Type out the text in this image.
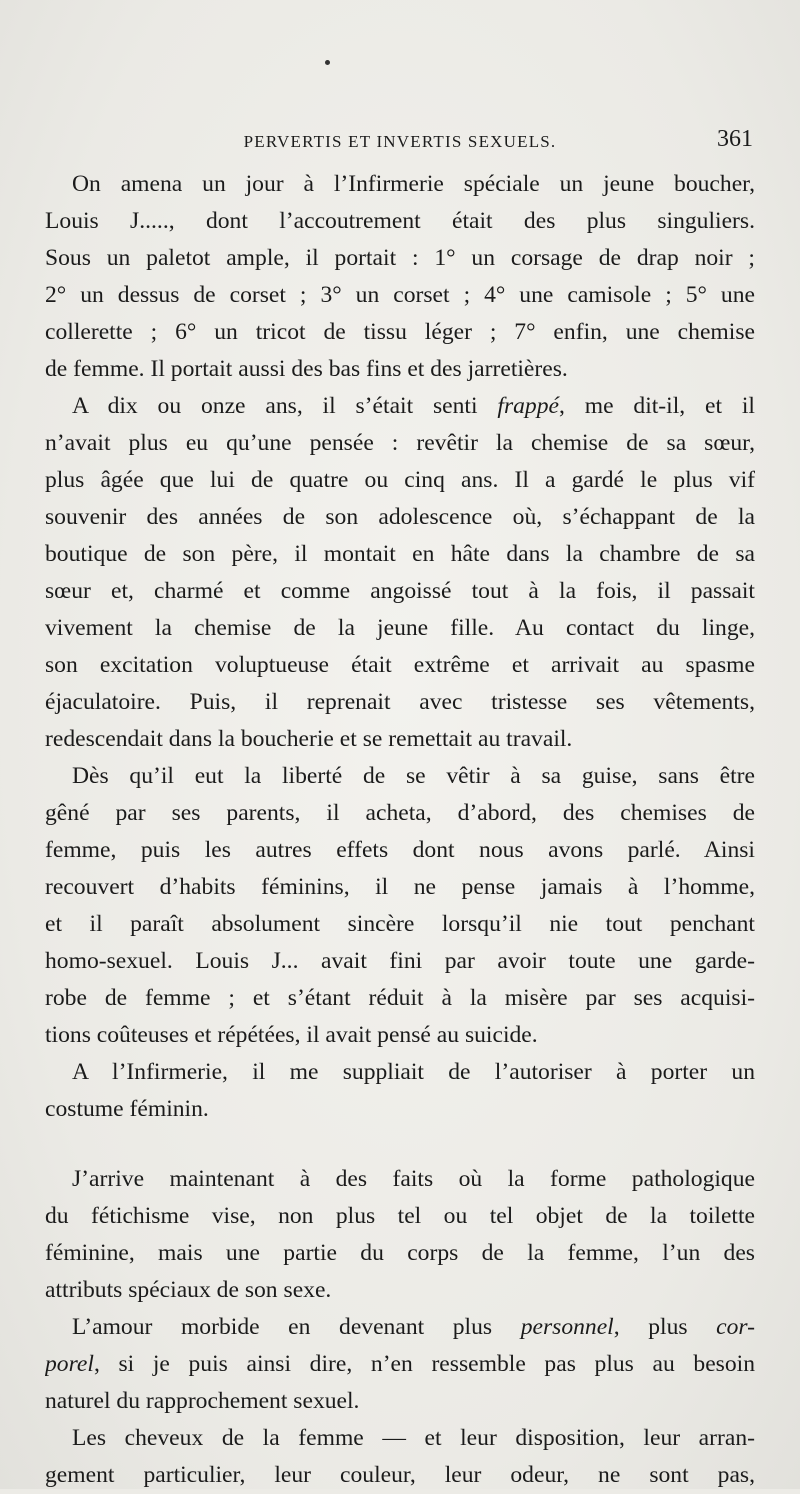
PERVERTIS ET INVERTIS SEXUELS.	361
On amena un jour à l’Infirmerie spéciale un jeune boucher,
Louis J....., dont l’accoutrement était des plus singuliers.
Sous un paletot ample, il portait : 1° un corsage de drap noir ;
2° un dessus de corset ; 3° un corset ; 4° une camisole ; 5° une
collerette ; 6° un tricot de tissu léger ; 7° enfin, une chemise
de femme. Il portait aussi des bas fins et des jarretières.
A dix ou onze ans, il s’était senti frappé, me dit-il, et il
n’avait plus eu qu’une pensée : revêtir la chemise de sa sœur,
plus âgée que lui de quatre ou cinq ans. Il a gardé le plus vif
souvenir des années de son adolescence où, s’échappant de la
boutique de son père, il montait en hâte dans la chambre de sa
sœur et, charmé et comme angoissé tout à la fois, il passait
vivement la chemise de la jeune fille. Au contact du linge,
son excitation voluptueuse était extrême et arrivait au spasme
éjaculatoire. Puis, il reprenait avec tristesse ses vêtements,
redescendait dans la boucherie et se remettait au travail.
Dès qu’il eut la liberté de se vêtir à sa guise, sans être
gêné par ses parents, il acheta, d’abord, des chemises de
femme, puis les autres effets dont nous avons parlé. Ainsi
recouvert d’habits féminins, il ne pense jamais à l’homme,
et il paraît absolument sincère lorsqu’il nie tout penchant
homo-sexuel. Louis J... avait fini par avoir toute une garde-
robe de femme ; et s’étant réduit à la misère par ses acquisi-
tions coûteuses et répétées, il avait pensé au suicide.
A l’Infirmerie, il me suppliait de l’autoriser à porter un
costume féminin.
J’arrive maintenant à des faits où la forme pathologique
du fétichisme vise, non plus tel ou tel objet de la toilette
féminine, mais une partie du corps de la femme, l’un des
attributs spéciaux de son sexe.
L’amour morbide en devenant plus personnel, plus cor-
porel, si je puis ainsi dire, n’en ressemble pas plus au besoin
naturel du rapprochement sexuel.
Les cheveux de la femme — et leur disposition, leur arran-
gement particulier, leur couleur, leur odeur, ne sont pas,
